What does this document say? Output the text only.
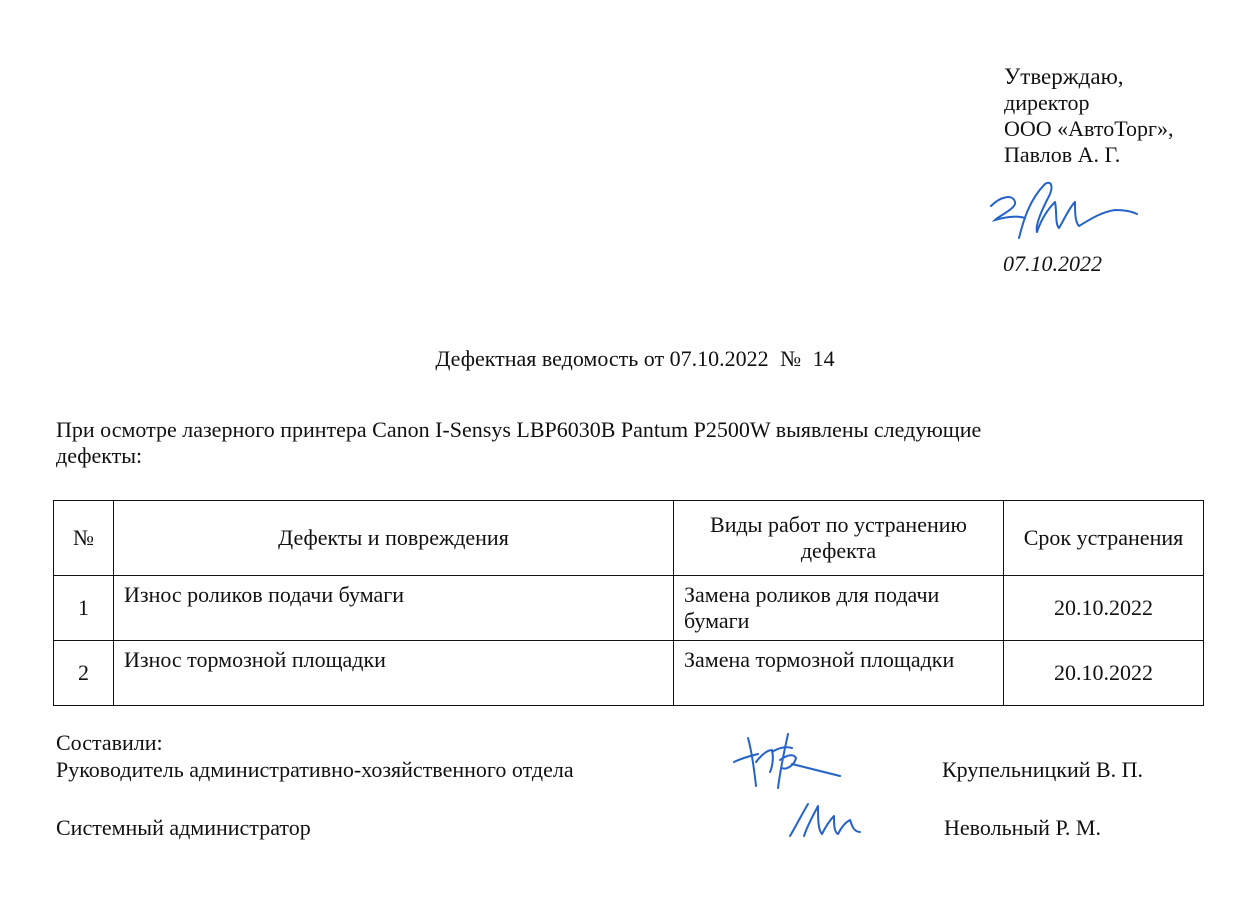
Утверждаю,
директор
ООО «АвтоТорг»,
Павлов А. Г.
07.10.2022
Дефектная ведомость от 07.10.2022 № 14
При осмотре лазерного принтера Canon I-Sensys LBP6030B Pantum P2500W выявлены следующие
дефекты:
№	Дефекты и повреждения	Виды работ по устранению дефекта	Срок устранения
1	Износ роликов подачи бумаги	Замена роликов для подачи бумаги	20.10.2022
2	Износ тормозной площадки	Замена тормозной площадки	20.10.2022
Составили:
Руководитель административно-хозяйственного отдела	Крупельницкий В. П.
Системный администратор	Невольный Р. М.
